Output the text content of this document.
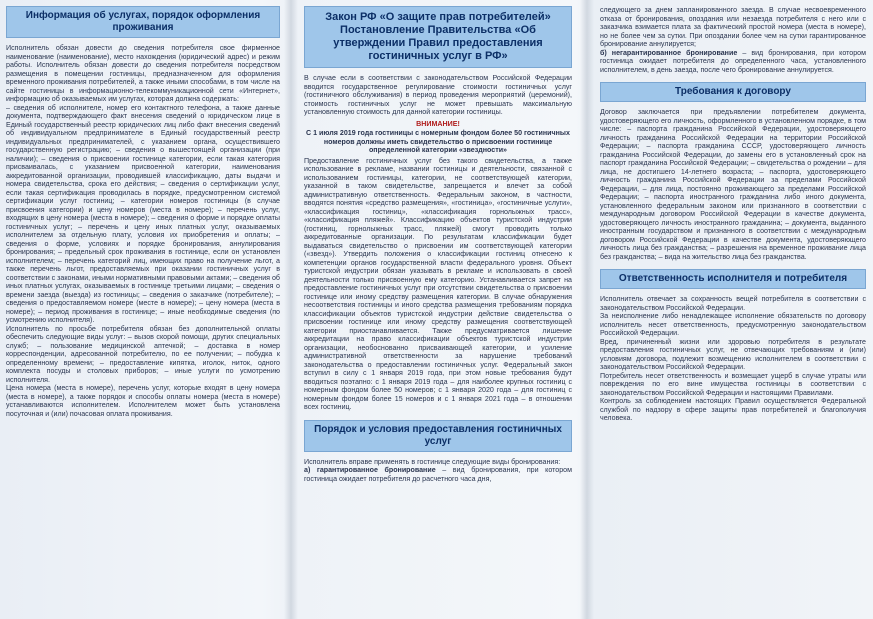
Информация об услугах, порядок оформления проживания

Исполнитель обязан довести до сведения потребителя свое фирменное наименование (наименование), место нахождения (юридический адрес) и режим работы. Исполнитель обязан довести до сведения потребителя посредством размещения в помещении гостиницы, предназначенном для оформления временного проживания потребителей, а также иными способами, в том числе на сайте гостиницы в информационно-телекоммуникационной сети «Интернет», информацию об оказываемых им услугах, которая должна содержать:

– сведения об исполнителе, номер его контактного телефона, а также данные документа, подтверждающего факт внесения сведений о юридическом лице в Единый государственный реестр юридических лиц либо факт внесения сведений об индивидуальном предпринимателе в Единый государственный реестр индивидуальных предпринимателей, с указанием органа, осуществившего государственную регистрацию; – сведения о вышестоящей организации (при наличии); – сведения о присвоении гостинице категории, если такая категория присваивалась, с указанием присвоенной категории, наименования аккредитованной организации, проводившей классификацию, даты выдачи и номера свидетельства, срока его действия; – сведения о сертификации услуг, если такая сертификация проводилась в порядке, предусмотренном системой сертификации услуг гостиниц; – категории номеров гостиницы (в случае присвоения категории) и цену номеров (места в номере); – перечень услуг, входящих в цену номера (места в номере); – сведения о форме и порядке оплаты гостиничных услуг; – перечень и цену иных платных услуг, оказываемых исполнителем за отдельную плату, условия их приобретения и оплаты; – сведения о форме, условиях и порядке бронирования, аннулирования бронирования; – предельный срок проживания в гостинице, если он установлен исполнителем; – перечень категорий лиц, имеющих право на получение льгот, а также перечень льгот, предоставляемых при оказании гостиничных услуг в соответствии с законами, иными нормативными правовыми актами; – сведения об иных платных услугах, оказываемых в гостинице третьими лицами; – сведения о времени заезда (выезда) из гостиницы; – сведения о заказчике (потребителе); – сведения о предоставляемом номере (месте в номере); – цену номера (места в номере); – период проживания в гостинице; – иные необходимые сведения (по усмотрению исполнителя).

Исполнитель по просьбе потребителя обязан без дополнительной оплаты обеспечить следующие виды услуг: – вызов скорой помощи, других специальных служб; – пользование медицинской аптечкой; – доставка в номер корреспонденции, адресованной потребителю, по ее получении; – побудка к определенному времени; – предоставление кипятка, иголок, ниток, одного комплекта посуды и столовых приборов; – иные услуги по усмотрению исполнителя.

Цена номера (места в номере), перечень услуг, которые входят в цену номера (места в номере), а также порядок и способы оплаты номера (места в номере) устанавливаются исполнителем. Исполнителем может быть установлена посуточная и (или) почасовая оплата проживания.

Закон РФ «О защите прав потребителей» Постановление Правительства «Об утверждении Правил предоставления гостиничных услуг в РФ»

В случае если в соответствии с законодательством Российской Федерации вводится государственное регулирование стоимости гостиничных услуг (гостиничного обслуживания) в период проведения мероприятий (церемоний), стоимость гостиничных услуг не может превышать максимальную установленную стоимость для данной категории гостиницы.

ВНИМАНИЕ!

С 1 июля 2019 года гостиницы с номерным фондом более 50 гостиничных номеров должны иметь свидетельство о присвоении гостинице определенной категории «звездности»

Предоставление гостиничных услуг без такого свидетельства, а также использование в рекламе, названии гостиницы и деятельности, связанной с использованием гостиницы, категории, не соответствующей категории, указанной в таком свидетельстве, запрещается и влечет за собой административную ответственность. Федеральным законом, в частности, вводятся понятия «средство размещения», «гостиница», «гостиничные услуги», «классификация гостиниц», «классификация горнолыжных трасс», «классификация пляжей». Классификацию объектов туристской индустрии (гостиниц, горнолыжных трасс, пляжей) смогут проводить только аккредитованные организации. По результатам классификации будет выдаваться свидетельство о присвоении им соответствующей категории («звезд»). Утвердить положения о классификации гостиниц отнесено к компетенции органов государственной власти федерального уровня. Объект туристской индустрии обязан указывать в рекламе и использовать в своей деятельности только присвоенную ему категорию. Устанавливается запрет на предоставление гостиничных услуг при отсутствии свидетельства о присвоении гостинице или иному средству размещения категории. В случае обнаружения несоответствия гостиницы и иного средства размещения требованиям порядка классификации объектов туристской индустрии действие свидетельства о присвоении гостинице или иному средству размещения соответствующей категории приостанавливается. Также предусматривается лишение аккредитации на право классификации объектов туристской индустрии организации, необоснованно присваивающей категории, и усиление административной ответственности за нарушение требований законодательства о предоставлении гостиничных услуг. Федеральный закон вступил в силу с 1 января 2019 года, при этом новые требования будут вводиться поэтапно: с 1 января 2019 года – для наиболее крупных гостиниц с номерным фондом более 50 номеров; с 1 января 2020 года – для гостиниц с номерным фондом более 15 номеров и с 1 января 2021 года – в отношении всех гостиниц.

Порядок и условия предоставления гостиничных услуг

Исполнитель вправе применять в гостинице следующие виды бронирования:

а) гарантированное бронирование – вид бронирования, при котором гостиница ожидает потребителя до расчетного часа дня,

следующего за днем запланированного заезда. В случае несвоевременного отказа от бронирования, опоздания или незаезда потребителя с него или с заказчика взимается плата за фактический простой номера (места в номере), но не более чем за сутки. При опоздании более чем на сутки гарантированное бронирование аннулируется;

б) негарантированное бронирование – вид бронирования, при котором гостиница ожидает потребителя до определенного часа, установленного исполнителем, в день заезда, после чего бронирование аннулируется.

Требования к договору

Договор заключается при предъявлении потребителем документа, удостоверяющего его личность, оформленного в установленном порядке, в том числе: – паспорта гражданина Российской Федерации, удостоверяющего личность гражданина Российской Федерации на территории Российской Федерации; – паспорта гражданина СССР, удостоверяющего личность гражданина Российской Федерации, до замены его в установленный срок на паспорт гражданина Российской Федерации; – свидетельства о рождении – для лица, не достигшего 14-летнего возраста; – паспорта, удостоверяющего личность гражданина Российской Федерации за пределами Российской Федерации, – для лица, постоянно проживающего за пределами Российской Федерации; – паспорта иностранного гражданина либо иного документа, установленного федеральным законом или признанного в соответствии с международным договором Российской Федерации в качестве документа, удостоверяющего личность иностранного гражданина; – документа, выданного иностранным государством и признанного в соответствии с международным договором Российской Федерации в качестве документа, удостоверяющего личность лица без гражданства; – разрешения на временное проживание лица без гражданства; – вида на жительство лица без гражданства.

Ответственность исполнителя и потребителя

Исполнитель отвечает за сохранность вещей потребителя в соответствии с законодательством Российской Федерации.

За неисполнение либо ненадлежащее исполнение обязательств по договору исполнитель несет ответственность, предусмотренную законодательством Российской Федерации.

Вред, причиненный жизни или здоровью потребителя в результате предоставления гостиничных услуг, не отвечающих требованиям и (или) условиям договора, подлежит возмещению исполнителем в соответствии с законодательством Российской Федерации.

Потребитель несет ответственность и возмещает ущерб в случае утраты или повреждения по его вине имущества гостиницы в соответствии с законодательством Российской Федерации и настоящими Правилами.

Контроль за соблюдением настоящих Правил осуществляется Федеральной службой по надзору в сфере защиты прав потребителей и благополучия человека.
